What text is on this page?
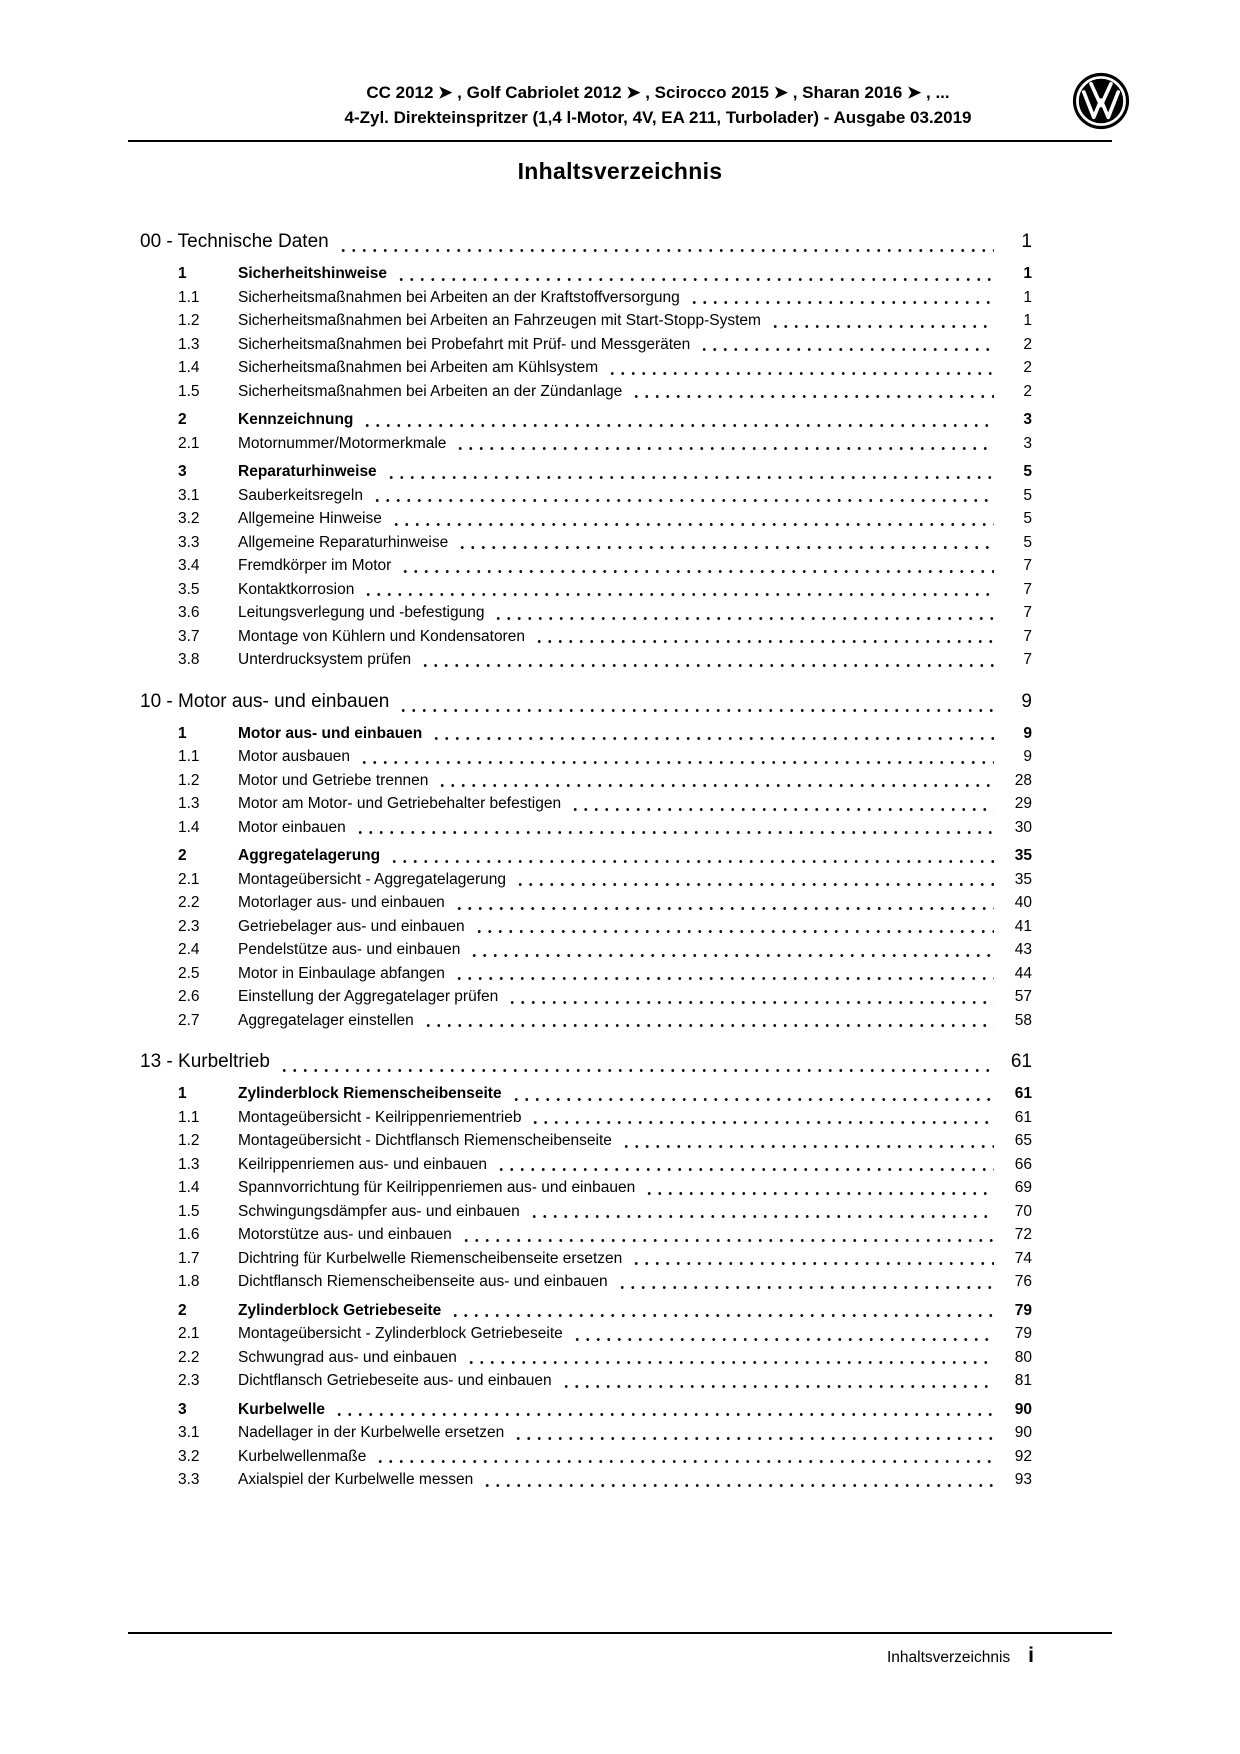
CC 2012 ➤ , Golf Cabriolet 2012 ➤ , Scirocco 2015 ➤ , Sharan 2016 ➤ , ...
4-Zyl. Direkteinspritzer (1,4 l-Motor, 4V, EA 211, Turbolader) - Ausgabe 03.2019
Inhaltsverzeichnis
00 - Technische Daten	1
1	Sicherheitshinweise	1
1.1	Sicherheitsmaßnahmen bei Arbeiten an der Kraftstoffversorgung	1
1.2	Sicherheitsmaßnahmen bei Arbeiten an Fahrzeugen mit Start-Stopp-System	1
1.3	Sicherheitsmaßnahmen bei Probefahrt mit Prüf- und Messgeräten	2
1.4	Sicherheitsmaßnahmen bei Arbeiten am Kühlsystem	2
1.5	Sicherheitsmaßnahmen bei Arbeiten an der Zündanlage	2
2	Kennzeichnung	3
2.1	Motornummer/Motormerkmale	3
3	Reparaturhinweise	5
3.1	Sauberkeitsregeln	5
3.2	Allgemeine Hinweise	5
3.3	Allgemeine Reparaturhinweise	5
3.4	Fremdkörper im Motor	7
3.5	Kontaktkorrosion	7
3.6	Leitungsverlegung und -befestigung	7
3.7	Montage von Kühlern und Kondensatoren	7
3.8	Unterdrucksystem prüfen	7
10 - Motor aus- und einbauen	9
1	Motor aus- und einbauen	9
1.1	Motor ausbauen	9
1.2	Motor und Getriebe trennen	28
1.3	Motor am Motor- und Getriebehalter befestigen	29
1.4	Motor einbauen	30
2	Aggregatelagerung	35
2.1	Montageübersicht - Aggregatelagerung	35
2.2	Motorlager aus- und einbauen	40
2.3	Getriebelager aus- und einbauen	41
2.4	Pendelstütze aus- und einbauen	43
2.5	Motor in Einbaulage abfangen	44
2.6	Einstellung der Aggregatelager prüfen	57
2.7	Aggregatelager einstellen	58
13 - Kurbeltrieb	61
1	Zylinderblock Riemenscheibenseite	61
1.1	Montageübersicht - Keilrippenriementrieb	61
1.2	Montageübersicht - Dichtflansch Riemenscheibenseite	65
1.3	Keilrippenriemen aus- und einbauen	66
1.4	Spannvorrichtung für Keilrippenriemen aus- und einbauen	69
1.5	Schwingungsdämpfer aus- und einbauen	70
1.6	Motorstütze aus- und einbauen	72
1.7	Dichtring für Kurbelwelle Riemenscheibenseite ersetzen	74
1.8	Dichtflansch Riemenscheibenseite aus- und einbauen	76
2	Zylinderblock Getriebeseite	79
2.1	Montageübersicht - Zylinderblock Getriebeseite	79
2.2	Schwungrad aus- und einbauen	80
2.3	Dichtflansch Getriebeseite aus- und einbauen	81
3	Kurbelwelle	90
3.1	Nadellager in der Kurbelwelle ersetzen	90
3.2	Kurbelwellenmaße	92
3.3	Axialspiel der Kurbelwelle messen	93
Inhaltsverzeichnis i
